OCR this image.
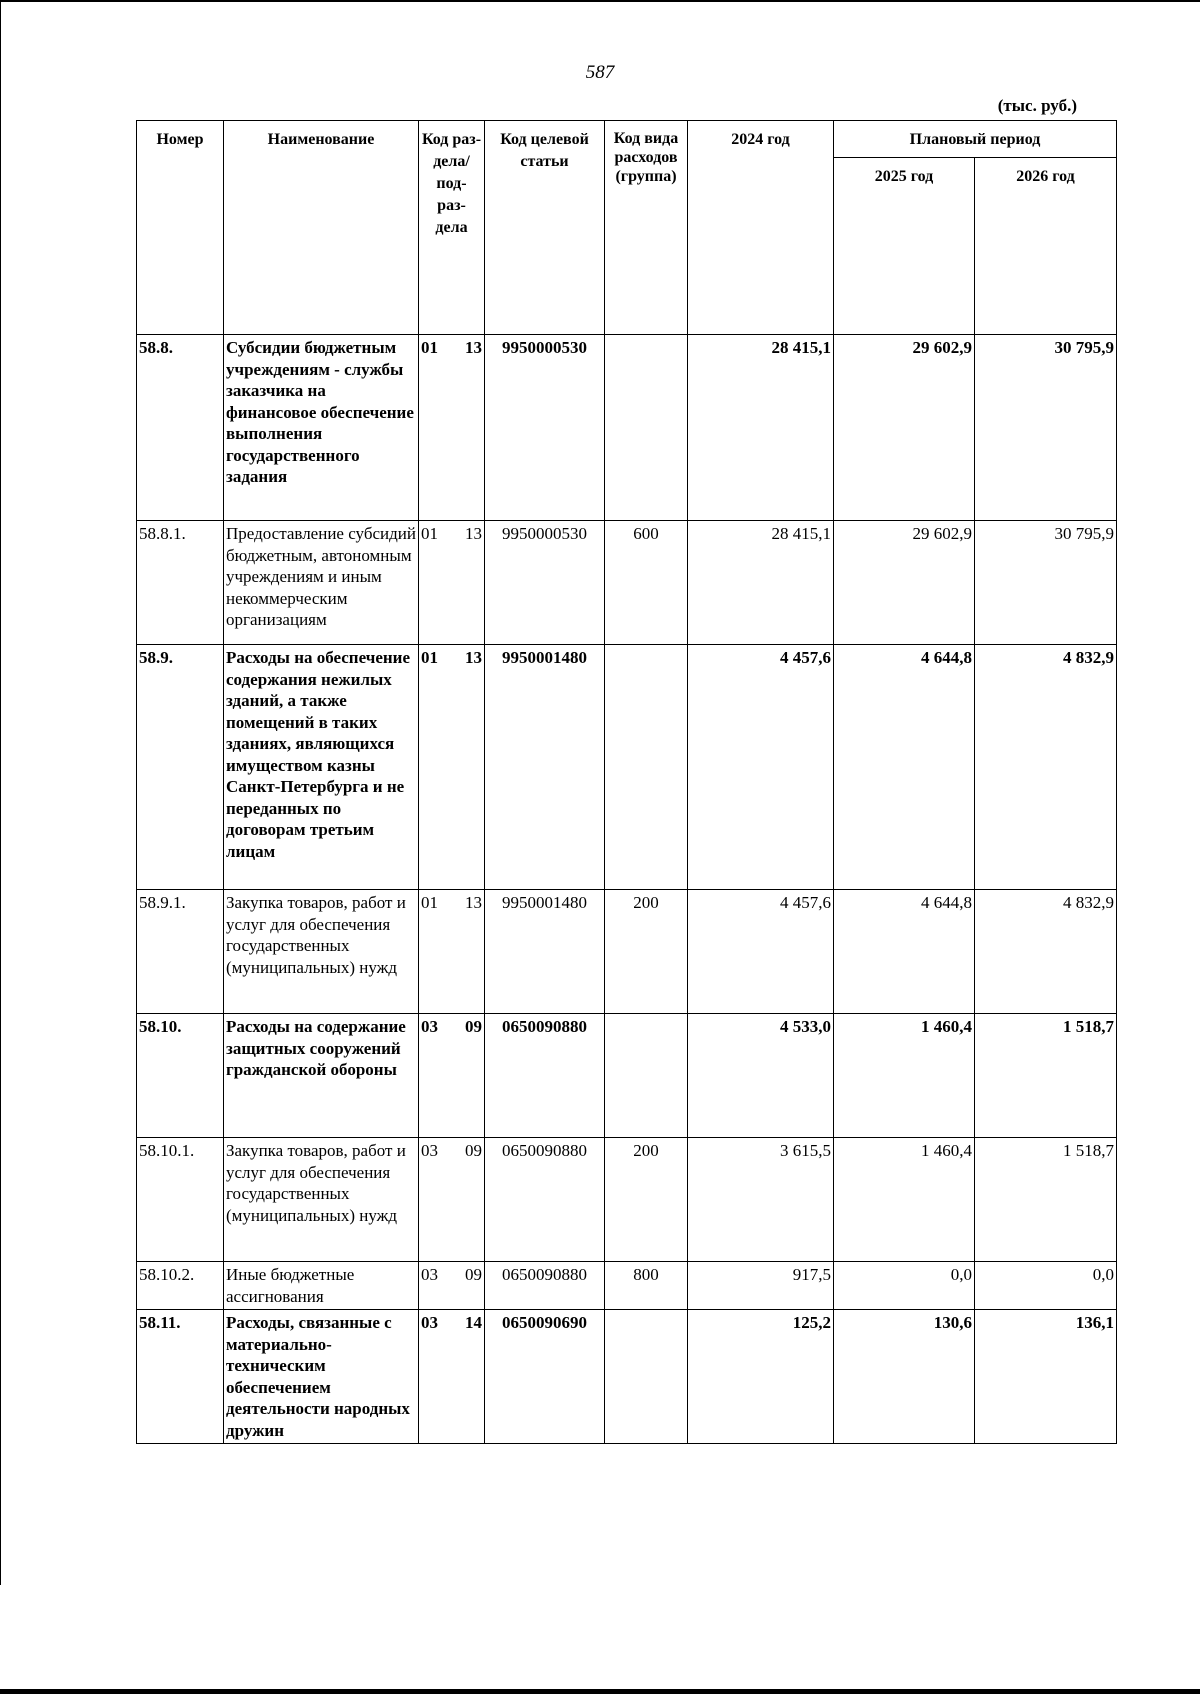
587
(тыс. руб.)
Номер	Наименование	Код раз- дела/ под- раз- дела	Код целевой статьи	Код вида расходов (группа)	2024 год	Плановый период	
						2025 год	2026 год

58.8.	Субсидии бюджетным учреждениям - службы заказчика на финансовое обеспечение выполнения государственного задания	01 13	9950000530		28 415,1	29 602,9	30 795,9
58.8.1.	Предоставление субсидий бюджетным, автономным учреждениям и иным некоммерческим организациям	01 13	9950000530	600	28 415,1	29 602,9	30 795,9
58.9.	Расходы на обеспечение содержания нежилых зданий, а также помещений в таких зданиях, являющихся имуществом казны Санкт-Петербурга и не переданных по договорам третьим лицам	01 13	9950001480		4 457,6	4 644,8	4 832,9
58.9.1.	Закупка товаров, работ и услуг для обеспечения государственных (муниципальных) нужд	01 13	9950001480	200	4 457,6	4 644,8	4 832,9
58.10.	Расходы на содержание защитных сооружений гражданской обороны	03 09	0650090880		4 533,0	1 460,4	1 518,7
58.10.1.	Закупка товаров, работ и услуг для обеспечения государственных (муниципальных) нужд	03 09	0650090880	200	3 615,5	1 460,4	1 518,7
58.10.2.	Иные бюджетные ассигнования	03 09	0650090880	800	917,5	0,0	0,0
58.11.	Расходы, связанные с материально-техническим обеспечением деятельности народных дружин	03 14	0650090690		125,2	130,6	136,1
